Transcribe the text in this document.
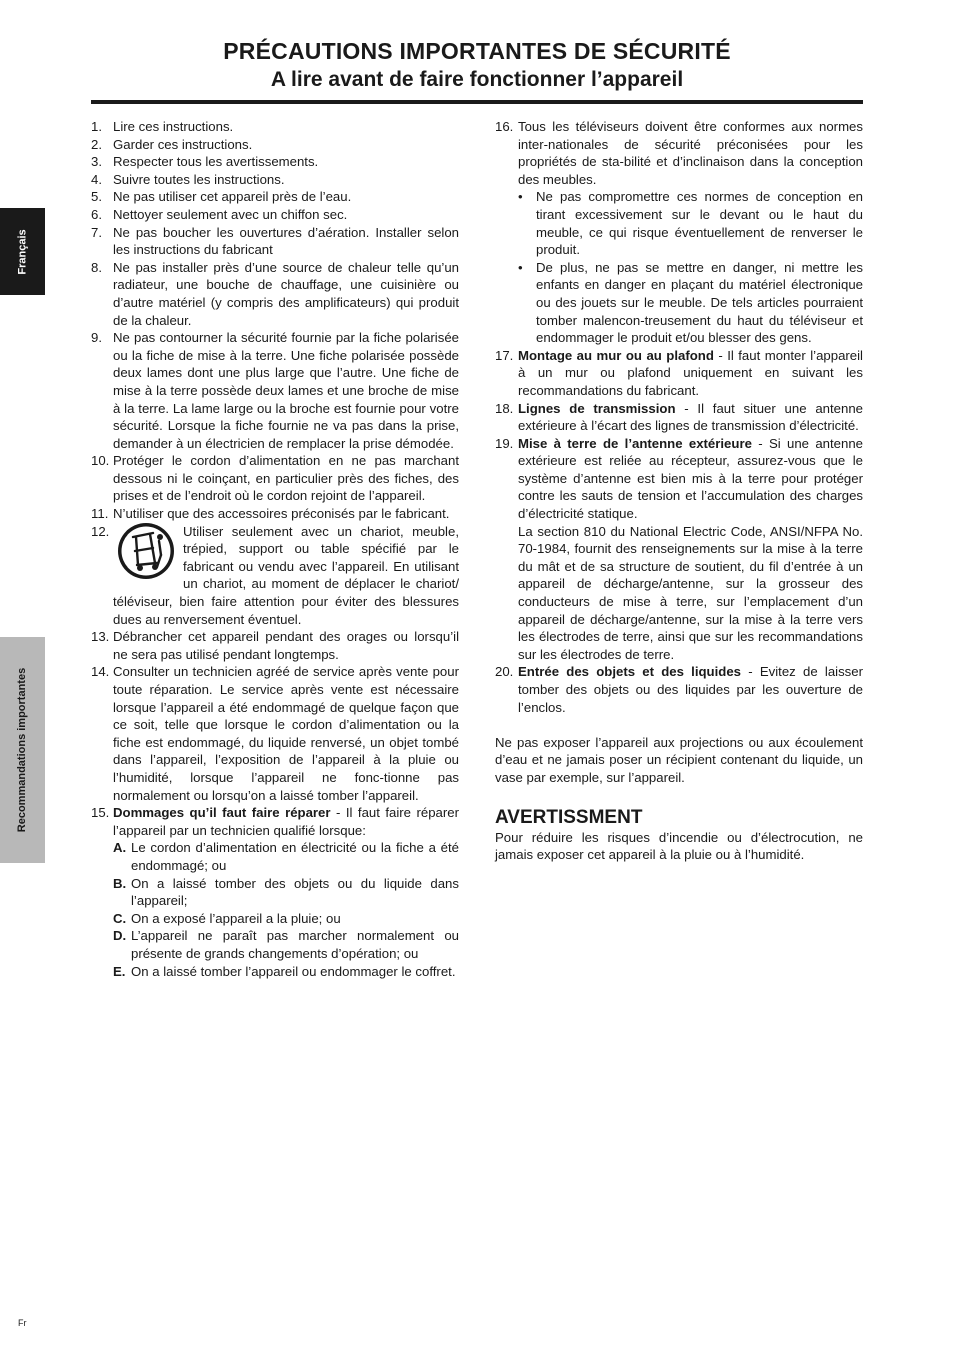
PRÉCAUTIONS IMPORTANTES DE SÉCURITÉ
A lire avant de faire fonctionner l’appareil
Français
Recommandations importantes
1. Lire ces instructions.
2. Garder ces instructions.
3. Respecter tous les avertissements.
4. Suivre toutes les instructions.
5. Ne pas utiliser cet appareil près de l’eau.
6. Nettoyer seulement avec un chiffon sec.
7. Ne pas boucher les ouvertures d’aération. Installer selon les instructions du fabricant
8. Ne pas installer près d’une source de chaleur telle qu’un radiateur, une bouche de chauffage, une cuisinière ou d’autre matériel (y compris des amplificateurs) qui produit de la chaleur.
9. Ne pas contourner la sécurité fournie par la fiche polarisée ou la fiche de mise à la terre. Une fiche polarisée possède deux lames dont une plus large que l’autre. Une fiche de mise à la terre possède deux lames et une broche de mise à la terre. La lame large ou la broche est fournie pour votre sécurité. Lorsque la fiche fournie ne va pas dans la prise, demander à un électricien de remplacer la prise démodée.
10. Protéger le cordon d’alimentation en ne pas marchant dessous ni le coinçant, en particulier près des fiches, des prises et de l’endroit où le cordon rejoint de l’appareil.
11. N’utiliser que des accessoires préconisés par le fabricant.
12.	Utiliser seulement avec un chariot, meuble, trépied, support ou table spécifié par le fabricant ou vendu avec l’appareil. En utilisant un chariot, au moment de déplacer le chariot/ téléviseur, bien faire attention pour éviter des blessures dues au renversement éventuel.
13. Débrancher cet appareil pendant des orages ou lorsqu’il ne sera pas utilisé pendant longtemps.
14. Consulter un technicien agréé de service après vente pour toute réparation. Le service après vente est nécessaire lorsque l’appareil a été endommagé de quelque façon que ce soit, telle que lorsque le cordon d’alimentation ou la fiche est endommagé, du liquide renversé, un objet tombé dans l’appareil, l’exposition de l’appareil à la pluie ou l’humidité, lorsque l’appareil ne fonc-tionne pas normalement ou lorsqu’on a laissé tomber l’appareil.
15. Dommages qu’il faut faire réparer - Il faut faire réparer l’appareil par un technicien qualifié lorsque:
A. Le cordon d’alimentation en électricité ou la fiche a été endommagé; ou
B. On a laissé tomber des objets ou du liquide dans l’appareil;
C. On a exposé l’appareil a la pluie; ou
D. L’appareil ne paraît pas marcher normalement ou présente de grands changements d’opération; ou
E. On a laissé tomber l’appareil ou endommager le coffret.
16. Tous les téléviseurs doivent être conformes aux normes inter-nationales de sécurité préconisées pour les propriétés de sta-bilité et d’inclinaison dans la conception des meubles.
•	Ne pas compromettre ces normes de conception en tirant excessivement sur le devant ou le haut du meuble, ce qui risque éventuellement de renverser le produit.
•	De plus, ne pas se mettre en danger, ni mettre les enfants en danger en plaçant du matériel électronique ou des jouets sur le meuble. De tels articles pourraient tomber malencon-treusement du haut du téléviseur et endommager le produit et/ou blesser des gens.
17. Montage au mur ou au plafond - Il faut monter l’appareil à un mur ou plafond uniquement en suivant les recommandations du fabricant.
18. Lignes de transmission - Il faut situer une antenne extérieure à l’écart des lignes de transmission d’électricité.
19. Mise à terre de l’antenne extérieure - Si une antenne extérieure est reliée au récepteur, assurez-vous que le système d’antenne est bien mis à la terre pour protéger contre les sauts de tension et l’accumulation des charges d’électricité statique.
La section 810 du National Electric Code, ANSI/NFPA No. 70-1984, fournit des renseignements sur la mise à la terre du mât et de sa structure de soutient, du fil d’entrée à un appareil de décharge/antenne, sur la grosseur des conducteurs de mise à terre, sur l’emplacement d’un appareil de décharge/antenne, sur la mise à la terre vers les électrodes de terre, ainsi que sur les recommandations sur les électrodes de terre.
20. Entrée des objets et des liquides - Evitez de laisser tomber des objets ou des liquides par les ouverture de l’enclos.
Ne pas exposer l’appareil aux projections ou aux écoulement d’eau et ne jamais poser un récipient contenant du liquide, un vase par exemple, sur l’appareil.
AVERTISSMENT
Pour réduire les risques d’incendie ou d’électrocution, ne jamais exposer cet appareil à la pluie ou à l’humidité.
Fr
